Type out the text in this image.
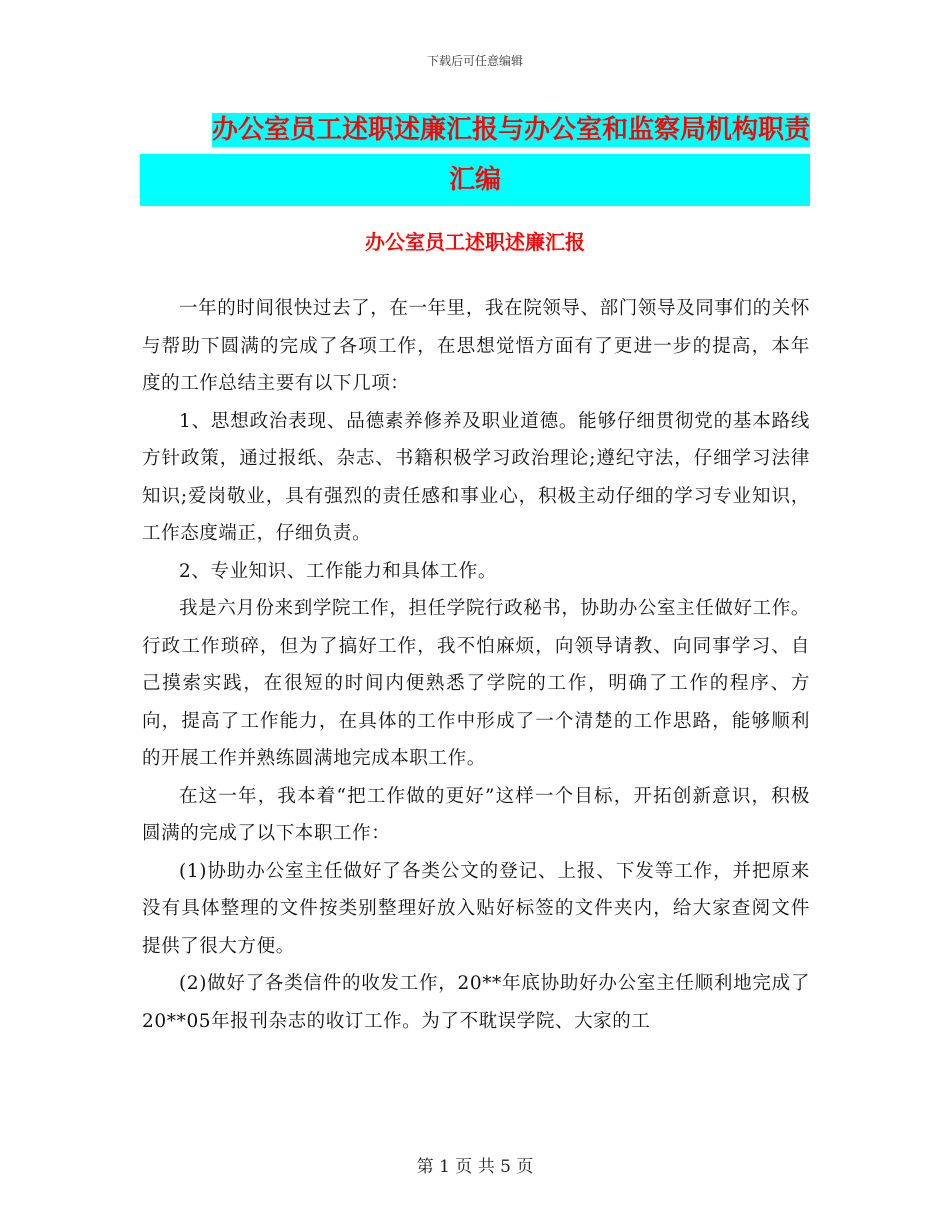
下载后可任意编辑
办公室员工述职述廉汇报与办公室和监察局机构职责
汇编
办公室员工述职述廉汇报

一年的时间很快过去了，在一年里，我在院领导、部门领导及同事们的关怀与帮助下圆满的完成了各项工作，在思想觉悟方面有了更进一步的提高，本年度的工作总结主要有以下几项：

1、思想政治表现、品德素养修养及职业道德。能够仔细贯彻党的基本路线方针政策，通过报纸、杂志、书籍积极学习政治理论;遵纪守法，仔细学习法律知识;爱岗敬业，具有强烈的责任感和事业心，积极主动仔细的学习专业知识，工作态度端正，仔细负责。

2、专业知识、工作能力和具体工作。

我是六月份来到学院工作，担任学院行政秘书，协助办公室主任做好工作。行政工作琐碎，但为了搞好工作，我不怕麻烦，向领导请教、向同事学习、自己摸索实践，在很短的时间内便熟悉了学院的工作，明确了工作的程序、方向，提高了工作能力，在具体的工作中形成了一个清楚的工作思路，能够顺利的开展工作并熟练圆满地完成本职工作。

在这一年，我本着“把工作做的更好”这样一个目标，开拓创新意识，积极圆满的完成了以下本职工作：

(1)协助办公室主任做好了各类公文的登记、上报、下发等工作，并把原来没有具体整理的文件按类别整理好放入贴好标签的文件夹内，给大家查阅文件提供了很大方便。

(2)做好了各类信件的收发工作，20**年底协助好办公室主任顺利地完成了20**05年报刊杂志的收订工作。为了不耽误学院、大家的工

第 1 页 共 5 页
